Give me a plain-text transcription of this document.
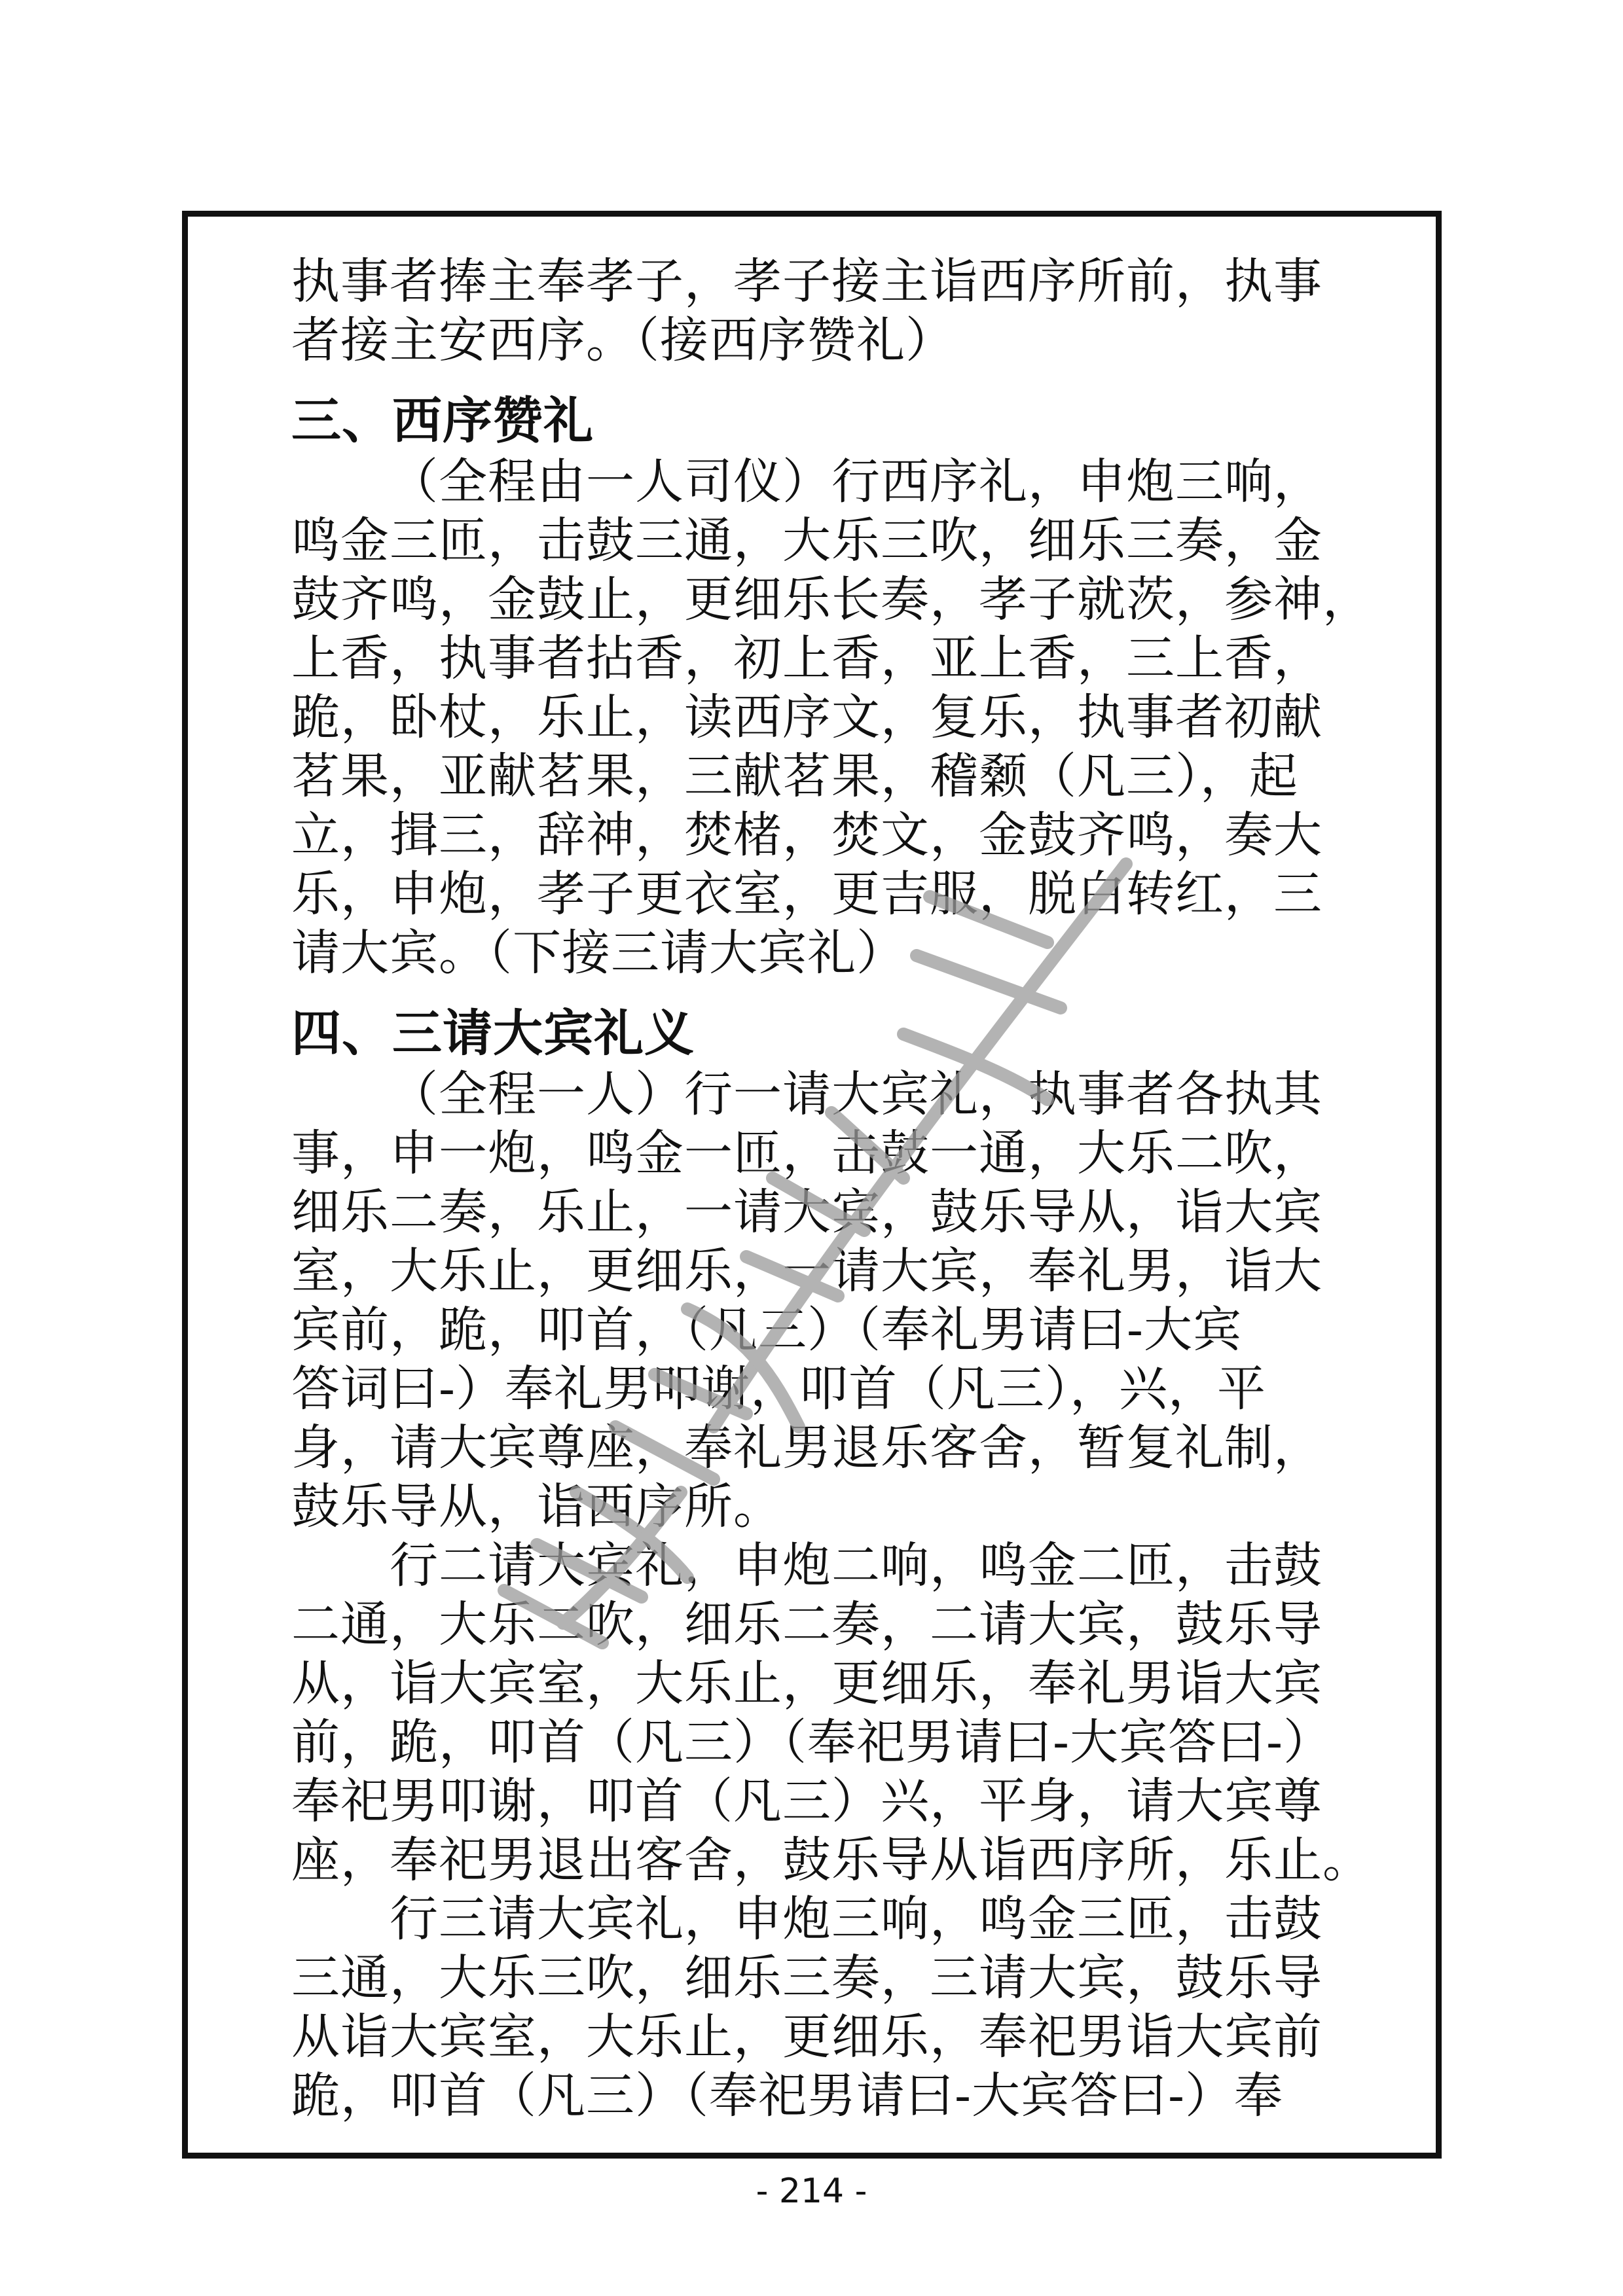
执事者捧主奉孝子，孝子接主诣西序所前，执事
者接主安西序。（接西序赞礼）

三、西序赞礼

（全程由一人司仪）行西序礼，申炮三响，
鸣金三匝，击鼓三通，大乐三吹，细乐三奏，金
鼓齐鸣，金鼓止，更细乐长奏，孝子就茨，参神，
上香，执事者拈香，初上香，亚上香，三上香，
跪，卧杖，乐止，读西序文，复乐，执事者初献
茗果，亚献茗果，三献茗果，稽颡（凡三），起
立，揖三，辞神，焚楮，焚文，金鼓齐鸣，奏大
乐，申炮，孝子更衣室，更吉服，脱白转红，三
请大宾。（下接三请大宾礼）

四、三请大宾礼义

（全程一人）行一请大宾礼，执事者各执其
事，申一炮，鸣金一匝，击鼓一通，大乐二吹，
细乐二奏，乐止，一请大宾，鼓乐导从，诣大宾
室，大乐止，更细乐，一请大宾，奉礼男，诣大
宾前，跪，叩首，（凡三）（奉礼男请曰-大宾
答词曰-）奉礼男叩谢，叩首（凡三），兴，平
身，请大宾尊座，奉礼男退乐客舍，暂复礼制，
鼓乐导从，诣西序所。
行二请大宾礼，申炮二响，鸣金二匝，击鼓
二通，大乐二吹，细乐二奏，二请大宾，鼓乐导
从，诣大宾室，大乐止，更细乐，奉礼男诣大宾
前，跪，叩首（凡三）（奉祀男请曰-大宾答曰-）
奉祀男叩谢，叩首（凡三）兴，平身，请大宾尊
座，奉祀男退出客舍，鼓乐导从诣西序所，乐止。
行三请大宾礼，申炮三响，鸣金三匝，击鼓
三通，大乐三吹，细乐三奏，三请大宾，鼓乐导
从诣大宾室，大乐止，更细乐，奉祀男诣大宾前
跪，叩首（凡三）（奉祀男请曰-大宾答曰-）奉

- 214 -
